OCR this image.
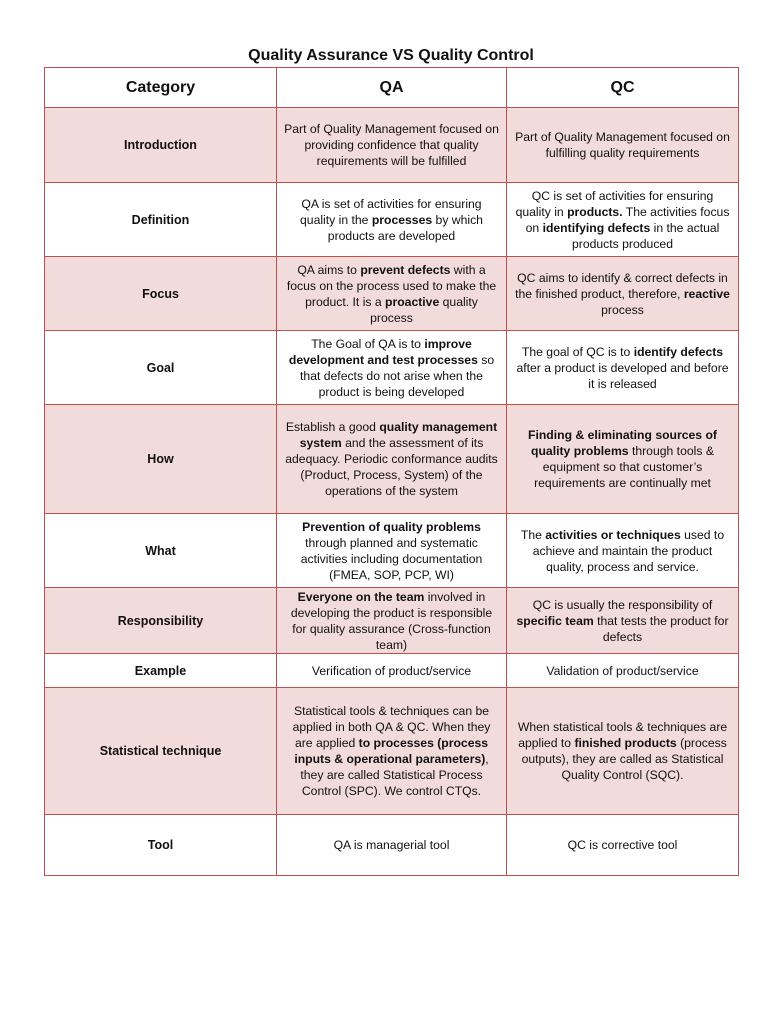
Quality Assurance VS Quality Control
Category	QA	QC
Introduction	Part of Quality Management focused on providing confidence that quality requirements will be fulfilled	Part of Quality Management focused on fulfilling quality requirements
Definition	QA is set of activities for ensuring quality in the processes by which products are developed	QC is set of activities for ensuring quality in products. The activities focus on identifying defects in the actual products produced
Focus	QA aims to prevent defects with a focus on the process used to make the product. It is a proactive quality process	QC aims to identify & correct defects in the finished product, therefore, reactive process
Goal	The Goal of QA is to improve development and test processes so that defects do not arise when the product is being developed	The goal of QC is to identify defects after a product is developed and before it is released
How	Establish a good quality management system and the assessment of its adequacy. Periodic conformance audits (Product, Process, System) of the operations of the system	Finding & eliminating sources of quality problems through tools & equipment so that customer’s requirements are continually met
What	Prevention of quality problems through planned and systematic activities including documentation (FMEA, SOP, PCP, WI)	The activities or techniques used to achieve and maintain the product quality, process and service.
Responsibility	Everyone on the team involved in developing the product is responsible for quality assurance (Cross-function team)	QC is usually the responsibility of specific team that tests the product for defects
Example	Verification of product/service	Validation of product/service
Statistical technique	Statistical tools & techniques can be applied in both QA & QC. When they are applied to processes (process inputs & operational parameters), they are called Statistical Process Control (SPC). We control CTQs.	When statistical tools & techniques are applied to finished products (process outputs), they are called as Statistical Quality Control (SQC).
Tool	QA is managerial tool	QC is corrective tool
